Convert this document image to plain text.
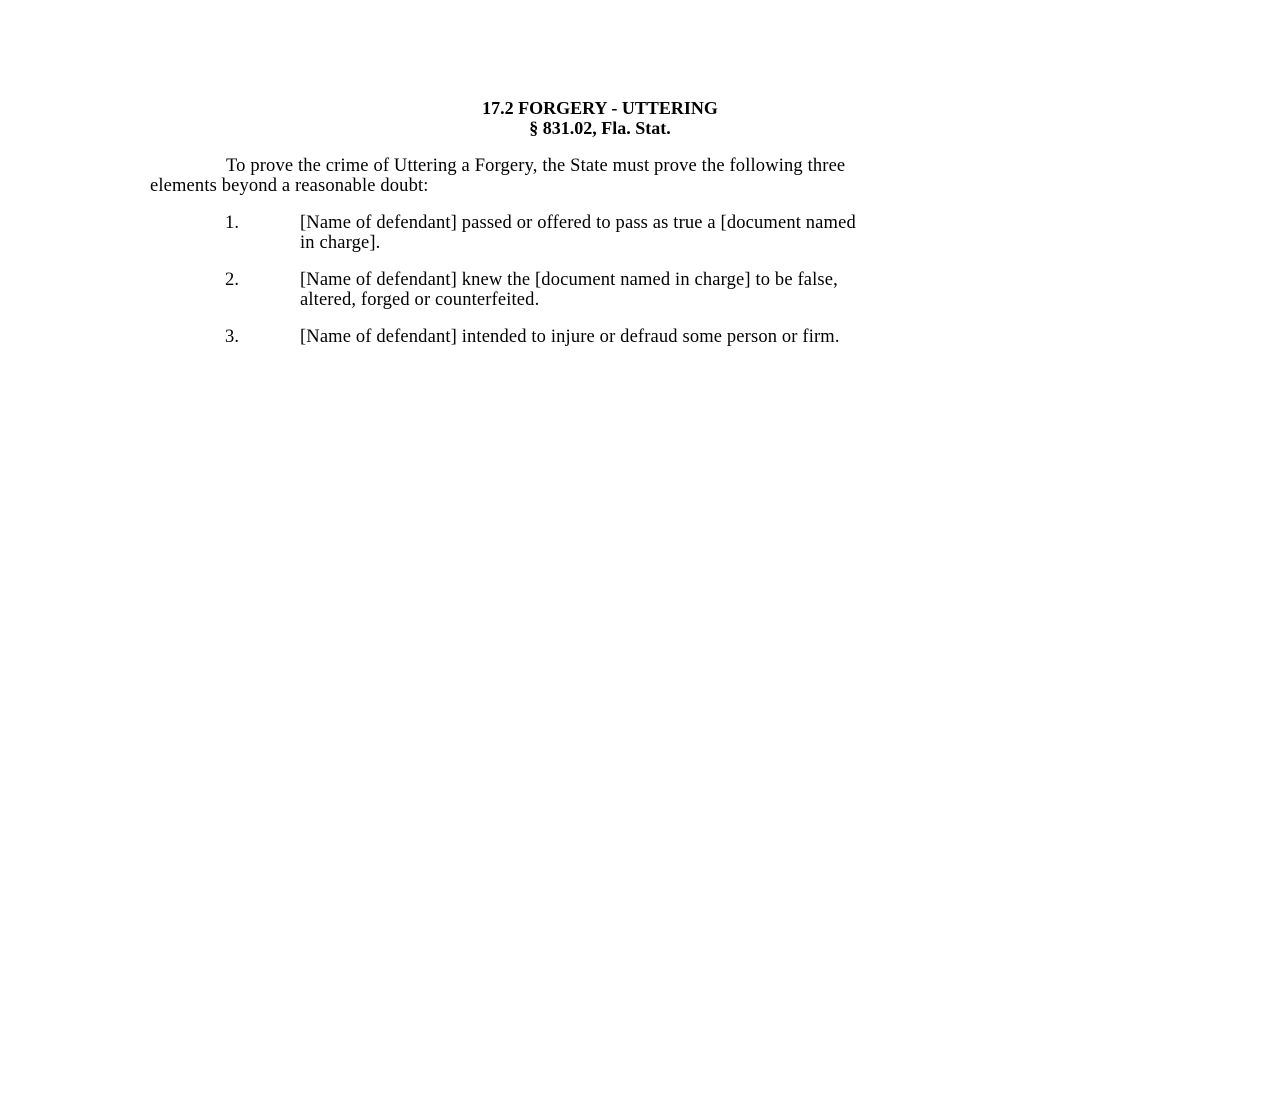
17.2 FORGERY - UTTERING
§ 831.02, Fla. Stat.
To prove the crime of Uttering a Forgery, the State must prove the following three
elements beyond a reasonable doubt:
1.	[Name of defendant] passed or offered to pass as true a [document named
in charge].
2.	[Name of defendant] knew the [document named in charge] to be false,
altered, forged or counterfeited.
3.	[Name of defendant] intended to injure or defraud some person or firm.
